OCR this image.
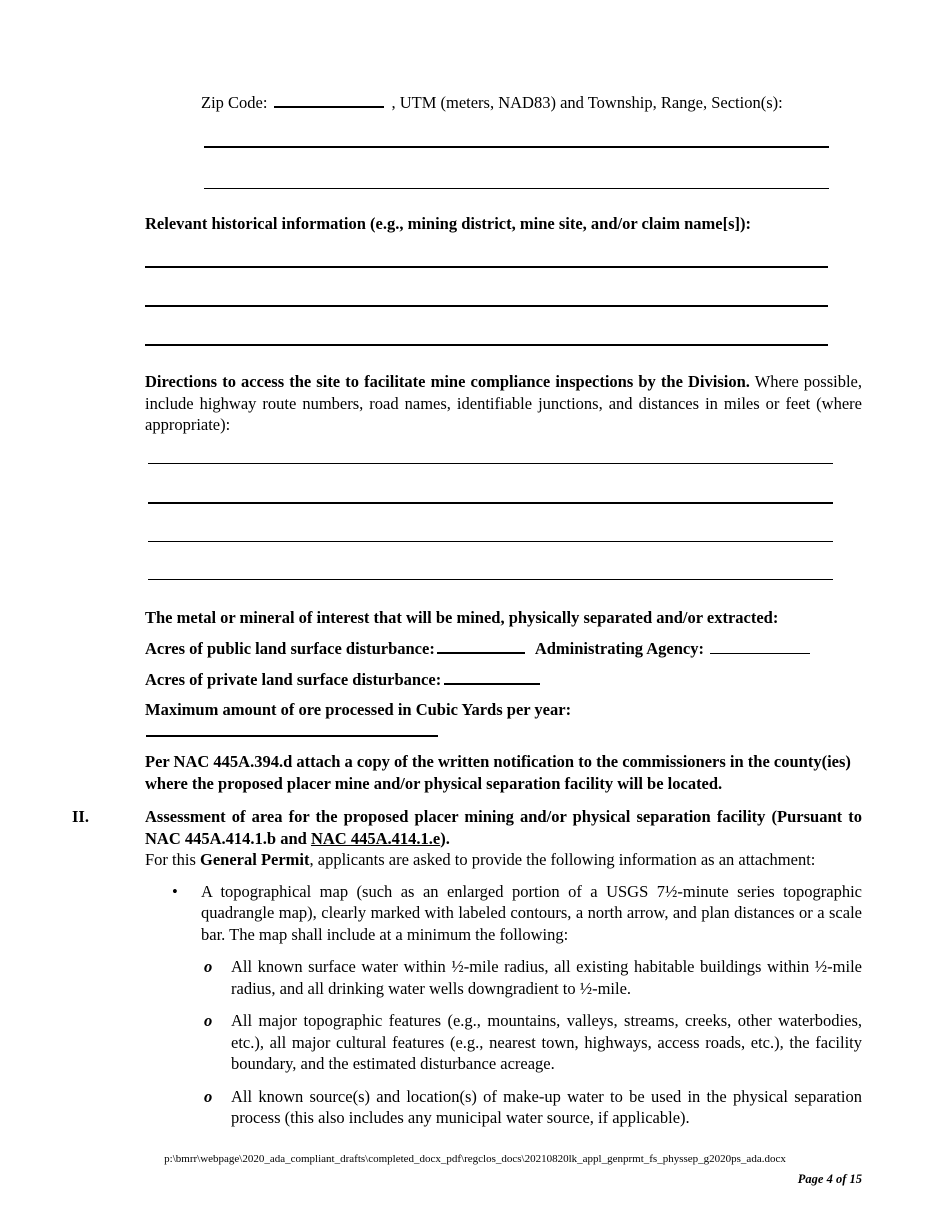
Zip Code:	, UTM (meters, NAD83) and Township, Range, Section(s):

Relevant historical information (e.g., mining district, mine site, and/or claim name[s]):

Directions to access the site to facilitate mine compliance inspections by the Division. Where possible, include highway route numbers, road names, identifiable junctions, and distances in miles or feet (where appropriate):

The metal or mineral of interest that will be mined, physically separated and/or extracted:

Acres of public land surface disturbance:	Administrating Agency:

Acres of private land surface disturbance:

Maximum amount of ore processed in Cubic Yards per year:

Per NAC 445A.394.d attach a copy of the written notification to the commissioners in the county(ies) where the proposed placer mine and/or physical separation facility will be located.

II.	Assessment of area for the proposed placer mining and/or physical separation facility (Pursuant to NAC 445A.414.1.b and NAC 445A.414.1.e).

For this General Permit, applicants are asked to provide the following information as an attachment:

• A topographical map (such as an enlarged portion of a USGS 7½-minute series topographic quadrangle map), clearly marked with labeled contours, a north arrow, and plan distances or a scale bar. The map shall include at a minimum the following:
o All known surface water within ½-mile radius, all existing habitable buildings within ½-mile radius, and all drinking water wells downgradient to ½-mile.
o All major topographic features (e.g., mountains, valleys, streams, creeks, other waterbodies, etc.), all major cultural features (e.g., nearest town, highways, access roads, etc.), the facility boundary, and the estimated disturbance acreage.
o All known source(s) and location(s) of make-up water to be used in the physical separation process (this also includes any municipal water source, if applicable).
p:\bmrr\webpage\2020_ada_compliant_drafts\completed_docx_pdf\regclos_docs\20210820lk_appl_genprmt_fs_physsep_g2020ps_ada.docx
Page 4 of 15
